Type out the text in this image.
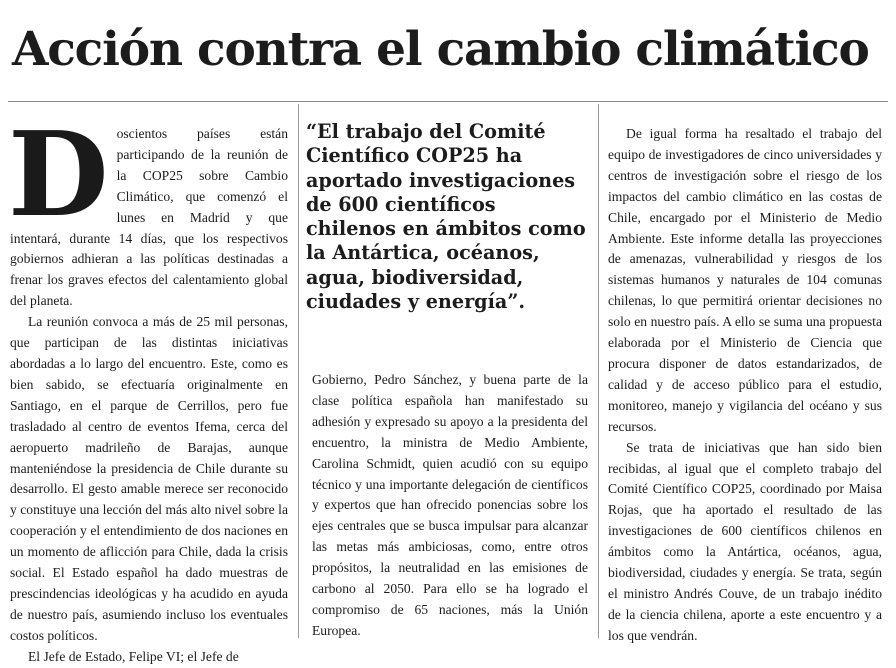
Acción contra el cambio climático

Doscientos países están participando de la reunión de la COP25 sobre Cambio Climático, que comenzó el lunes en Madrid y que intentará, durante 14 días, que los respectivos gobiernos adhieran a las políticas destinadas a frenar los graves efectos del calentamiento global del planeta.

La reunión convoca a más de 25 mil personas, que participan de las distintas iniciativas abordadas a lo largo del encuentro. Este, como es bien sabido, se efectuaría originalmente en Santiago, en el parque de Cerrillos, pero fue trasladado al centro de eventos Ifema, cerca del aeropuerto madrileño de Barajas, aunque manteniéndose la presidencia de Chile durante su desarrollo. El gesto amable merece ser reconocido y constituye una lección del más alto nivel sobre la cooperación y el entendimiento de dos naciones en un momento de aflicción para Chile, dada la crisis social. El Estado español ha dado muestras de prescindencias ideológicas y ha acudido en ayuda de nuestro país, asumiendo incluso los eventuales costos políticos.

El Jefe de Estado, Felipe VI; el Jefe de

“El trabajo del Comité Científico COP25 ha aportado investigaciones de 600 científicos chilenos en ámbitos como la Antártica, océanos, agua, biodiversidad, ciudades y energía”.

Gobierno, Pedro Sánchez, y buena parte de la clase política española han manifestado su adhesión y expresado su apoyo a la presidenta del encuentro, la ministra de Medio Ambiente, Carolina Schmidt, quien acudió con su equipo técnico y una importante delegación de científicos y expertos que han ofrecido ponencias sobre los ejes centrales que se busca impulsar para alcanzar las metas más ambiciosas, como, entre otros propósitos, la neutralidad en las emisiones de carbono al 2050. Para ello se ha logrado el compromiso de 65 naciones, más la Unión Europea.

De igual forma ha resaltado el trabajo del equipo de investigadores de cinco universidades y centros de investigación sobre el riesgo de los impactos del cambio climático en las costas de Chile, encargado por el Ministerio de Medio Ambiente. Este informe detalla las proyecciones de amenazas, vulnerabilidad y riesgos de los sistemas humanos y naturales de 104 comunas chilenas, lo que permitirá orientar decisiones no solo en nuestro país. A ello se suma una propuesta elaborada por el Ministerio de Ciencia que procura disponer de datos estandarizados, de calidad y de acceso público para el estudio, monitoreo, manejo y vigilancia del océano y sus recursos.

Se trata de iniciativas que han sido bien recibidas, al igual que el completo trabajo del Comité Científico COP25, coordinado por Maisa Rojas, que ha aportado el resultado de las investigaciones de 600 científicos chilenos en ámbitos como la Antártica, océanos, agua, biodiversidad, ciudades y energía. Se trata, según el ministro Andrés Couve, de un trabajo inédito de la ciencia chilena, aporte a este encuentro y a los que vendrán.
